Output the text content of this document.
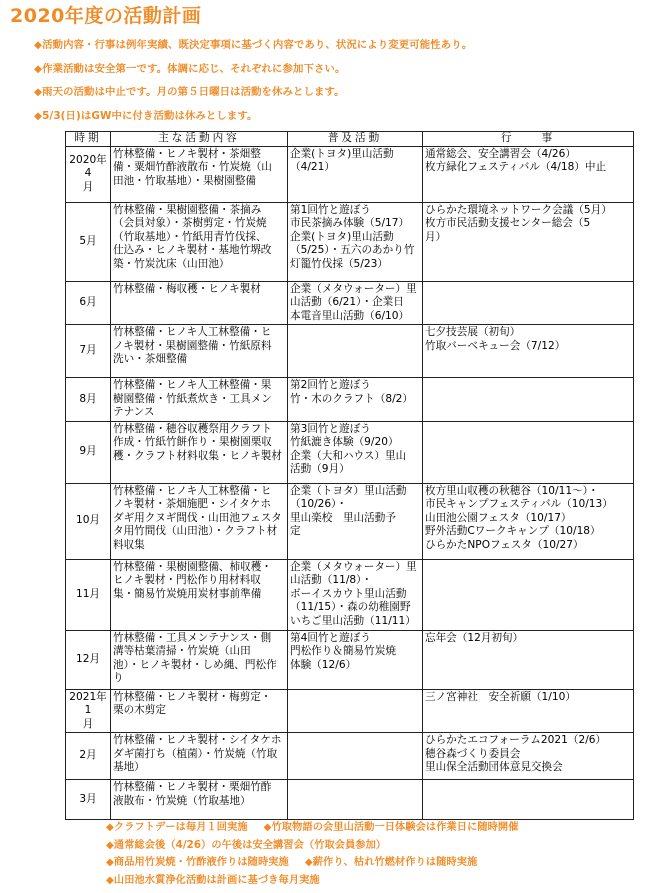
2020年度の活動計画
◆活動内容・行事は例年実績、既決定事項に基づく内容であり、状況により変更可能性あり。
◆作業活動は安全第一です。体調に応じ、それぞれに参加下さい。
◆雨天の活動は中止です。月の第５日曜日は活動を休みとします。
◆5/3(日)はGW中に付き活動は休みとします。
時期	主な活動内容	普及活動	行　　事

2020年4
月	竹林整備・ヒノキ製材・茶畑整
備・粟畑竹酢液散布・竹炭焼（山
田池・竹取基地）・果樹園整備	企業(トヨタ)里山活動
（4/21）	通常総会、安全講習会（4/26）
枚方緑化フェスティバル（4/18）中止

5月	竹林整備・果樹園整備・茶摘み
（会員対象）・茶樹剪定・竹炭焼
（竹取基地）・竹紙用青竹伐採、
仕込み・ヒノキ製材・基地竹堺改
築・竹炭沈床（山田池）	第1回竹と遊ぼう
市民茶摘み体験（5/17）
企業(トヨタ)里山活動
（5/25）・五六のあかり竹
灯籠竹伐採（5/23）	ひらかた環境ネットワーク会議（5月）
枚方市民活動支援センター総会（5
月）

6月	竹林整備・梅収穫・ヒノキ製材	企業（メタウォーター）里
山活動（6/21）・企業日
本電音里山活動（6/10）	

7月	竹林整備・ヒノキ人工林整備・ヒ
ノキ製材・果樹園整備・竹紙原料
洗い・茶畑整備		七夕技芸展（初旬）
竹取バーベキュー会（7/12）

8月	竹林整備・ヒノキ人工林整備・果
樹園整備・竹紙煮炊き・工具メン
テナンス	第2回竹と遊ぼう
竹・木のクラフト（8/2）	

9月	竹林整備・穂谷収穫祭用クラフト
作成・竹紙竹餅作り・果樹園栗収
穫・クラフト材料収集・ヒノキ製材	第3回竹と遊ぼう
竹紙漉き体験（9/20）
企業（大和ハウス）里山
活動（9月）	

10月	竹林整備・ヒノキ人工林整備・ヒ
ノキ製材・茶畑施肥・シイタケホ
ダギ用クヌギ間伐・山田池フェスタ
タ用竹間伐（山田池）・クラフト材
料収集	企業（トヨタ）里山活動
（10/26）・
里山楽校　里山活動予
定	枚方里山収穫の秋穂谷（10/11～）・
市民キャンプフェスティバル（10/13）
山田池公園フェスタ（10/17）
野外活動Cワークキャンプ（10/18）
ひらかたNPOフェスタ（10/27）

11月	竹林整備・果樹園整備、柿収穫・
ヒノキ製材・門松作り用材料収
集・簡易竹炭焼用炭材事前準備	企業（メタウォーター）里
山活動（11/8）・
ボーイスカウト里山活動
（11/15）・森の幼稚園野
いちご里山活動（11/11）	

12月	竹林整備・工具メンテナンス・側
溝等枯葉清掃・竹炭焼（山田
池）・ヒノキ製材・しめ縄、門松作
り	第4回竹と遊ぼう
門松作り＆簡易竹炭焼
体験（12/6）	忘年会（12月初旬）

2021年1
月	竹林整備・ヒノキ製材・梅剪定・
栗の木剪定		三ノ宮神社　安全祈願（1/10）

2月	竹林整備・ヒノキ製材・シイタケホ
ダギ菌打ち（植菌）・竹炭焼（竹取
基地）		ひらかたエコフォーラム2021（2/6）
穂谷森づくり委員会
里山保全活動団体意見交換会

3月	竹林整備・ヒノキ製材・栗畑竹酢
液散布・竹炭焼（竹取基地）		

◆クラフトデーは毎月１回実施 ◆竹取物語の会里山活動一日体験会は作業日に随時開催
◆通常総会後（4/26）の午後は安全講習会（竹取会員参加）
◆商品用竹炭焼・竹酢液作りは随時実施 ◆薪作り、枯れ竹燃材作りは随時実施
◆山田池水質浄化活動は計画に基づき毎月実施
